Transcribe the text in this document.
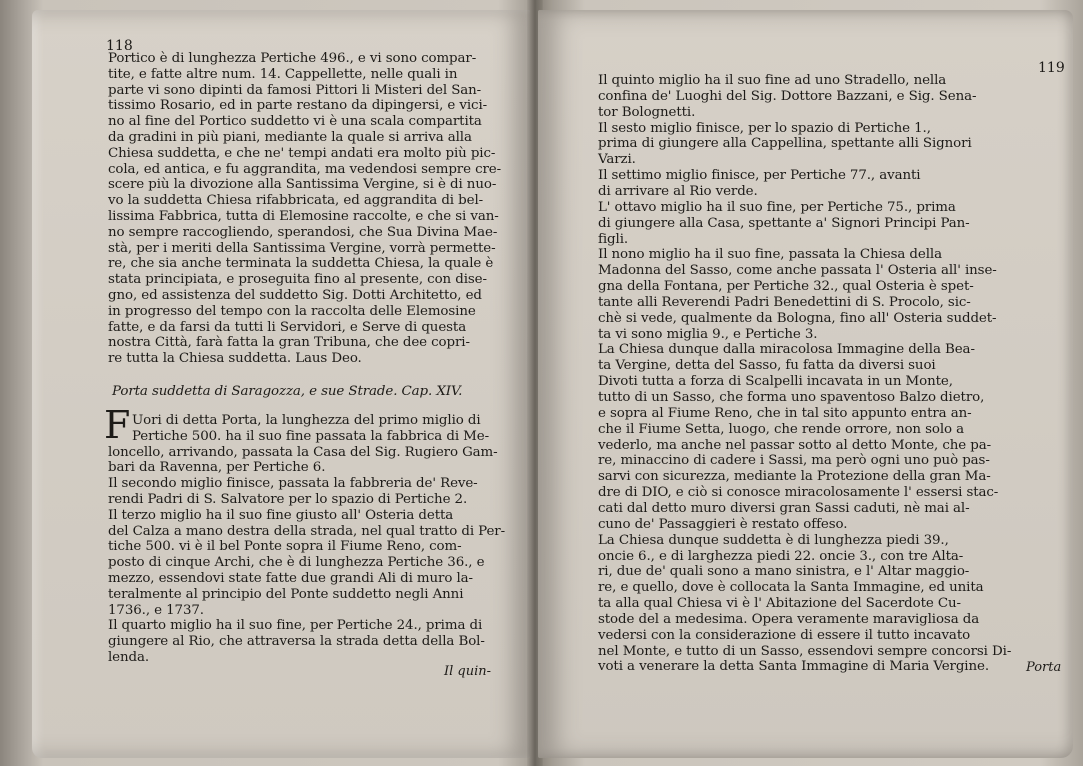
118
Portico è di lunghezza Pertiche 496., e vi sono compar-
tite, e fatte altre num. 14. Cappellette, nelle quali in
parte vi sono dipinti da famosi Pittori li Misteri del San-
tissimo Rosario, ed in parte restano da dipingersi, e vici-
no al fine del Portico suddetto vi è una scala compartita
da gradini in più piani, mediante la quale si arriva alla
Chiesa suddetta, e che ne' tempi andati era molto più pic-
cola, ed antica, e fu aggrandita, ma vedendosi sempre cre-
scere più la divozione alla Santissima Vergine, si è di nuo-
vo la suddetta Chiesa rifabbricata, ed aggrandita di bel-
lissima Fabbrica, tutta di Elemosine raccolte, e che si van-
no sempre raccogliendo, sperandosi, che Sua Divina Mae-
stà, per i meriti della Santissima Vergine, vorrà permette-
re, che sia anche terminata la suddetta Chiesa, la quale è
stata principiata, e proseguita fino al presente, con dise-
gno, ed assistenza del suddetto Sig. Dotti Architetto, ed
in progresso del tempo con la raccolta delle Elemosine
fatte, e da farsi da tutti li Servidori, e Serve di questa
nostra Città, farà fatta la gran Tribuna, che dee copri-
re tutta la Chiesa suddetta. Laus Deo.
Porta suddetta di Saragozza, e sue Strade. Cap. XIV.
F Uori di detta Porta, la lunghezza del primo miglio di
Pertiche 500. ha il suo fine passata la fabbrica di Me-
loncello, arrivando, passata la Casa del Sig. Rugiero Gam-
bari da Ravenna, per Pertiche 6.
Il secondo miglio finisce, passata la fabbreria de' Reve-
rendi Padri di S. Salvatore per lo spazio di Pertiche 2.
Il terzo miglio ha il suo fine giusto all' Osteria detta
del Calza a mano destra della strada, nel qual tratto di Per-
tiche 500. vi è il bel Ponte sopra il Fiume Reno, com-
posto di cinque Archi, che è di lunghezza Pertiche 36., e
mezzo, essendovi state fatte due grandi Ali di muro la-
teralmente al principio del Ponte suddetto negli Anni
1736., e 1737.
Il quarto miglio ha il suo fine, per Pertiche 24., prima di
giungere al Rio, che attraversa la strada detta della Bol-
lenda.
Il quin-
119
Il quinto miglio ha il suo fine ad uno Stradello, nella
confina de' Luoghi del Sig. Dottore Bazzani, e Sig. Sena-
tor Bolognetti.
Il sesto miglio finisce, per lo spazio di Pertiche 1.,
prima di giungere alla Cappellina, spettante alli Signori
Varzi.
Il settimo miglio finisce, per Pertiche 77., avanti
di arrivare al Rio verde.
L' ottavo miglio ha il suo fine, per Pertiche 75., prima
di giungere alla Casa, spettante a' Signori Principi Pan-
figli.
Il nono miglio ha il suo fine, passata la Chiesa della
Madonna del Sasso, come anche passata l' Osteria all' inse-
gna della Fontana, per Pertiche 32., qual Osteria è spet-
tante alli Reverendi Padri Benedettini di S. Procolo, sic-
chè si vede, qualmente da Bologna, fino all' Osteria suddet-
ta vi sono miglia 9., e Pertiche 3.
La Chiesa dunque dalla miracolosa Immagine della Bea-
ta Vergine, detta del Sasso, fu fatta da diversi suoi
Divoti tutta a forza di Scalpelli incavata in un Monte,
tutto di un Sasso, che forma uno spaventoso Balzo dietro,
e sopra al Fiume Reno, che in tal sito appunto entra an-
che il Fiume Setta, luogo, che rende orrore, non solo a
vederlo, ma anche nel passar sotto al detto Monte, che pa-
re, minaccino di cadere i Sassi, ma però ogni uno può pas-
sarvi con sicurezza, mediante la Protezione della gran Ma-
dre di DIO, e ciò si conosce miracolosamente l' essersi stac-
cati dal detto muro diversi gran Sassi caduti, nè mai al-
cuno de' Passaggieri è restato offeso.
La Chiesa dunque suddetta è di lunghezza piedi 39.,
oncie 6., e di larghezza piedi 22. oncie 3., con tre Alta-
ri, due de' quali sono a mano sinistra, e l' Altar maggio-
re, e quello, dove è collocata la Santa Immagine, ed unita
ta alla qual Chiesa vi è l' Abitazione del Sacerdote Cu-
stode del a medesima. Opera veramente maravigliosa da
vedersi con la considerazione di essere il tutto incavato
nel Monte, e tutto di un Sasso, essendovi sempre concorsi Di-
voti a venerare la detta Santa Immagine di Maria Vergine.	Porta
